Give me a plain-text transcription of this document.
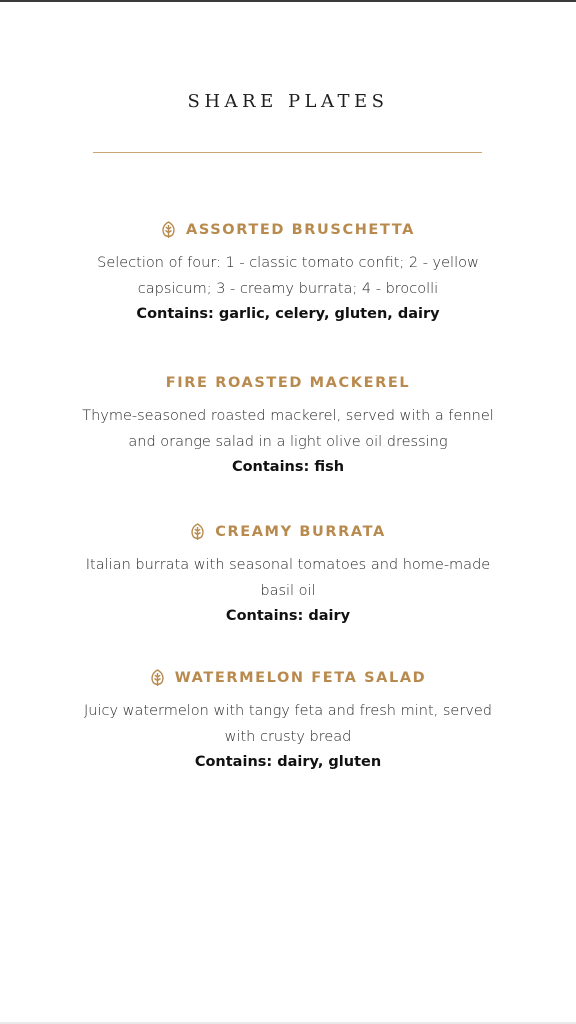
SHARE PLATES
ASSORTED BRUSCHETTA
Selection of four: 1 - classic tomato confit; 2 - yellow capsicum; 3 - creamy burrata; 4 - brocolli
Contains: garlic, celery, gluten, dairy
FIRE ROASTED MACKEREL
Thyme-seasoned roasted mackerel, served with a fennel and orange salad in a light olive oil dressing
Contains: fish
CREAMY BURRATA
Italian burrata with seasonal tomatoes and home-made basil oil
Contains: dairy
WATERMELON FETA SALAD
Juicy watermelon with tangy feta and fresh mint, served with crusty bread
Contains: dairy, gluten
